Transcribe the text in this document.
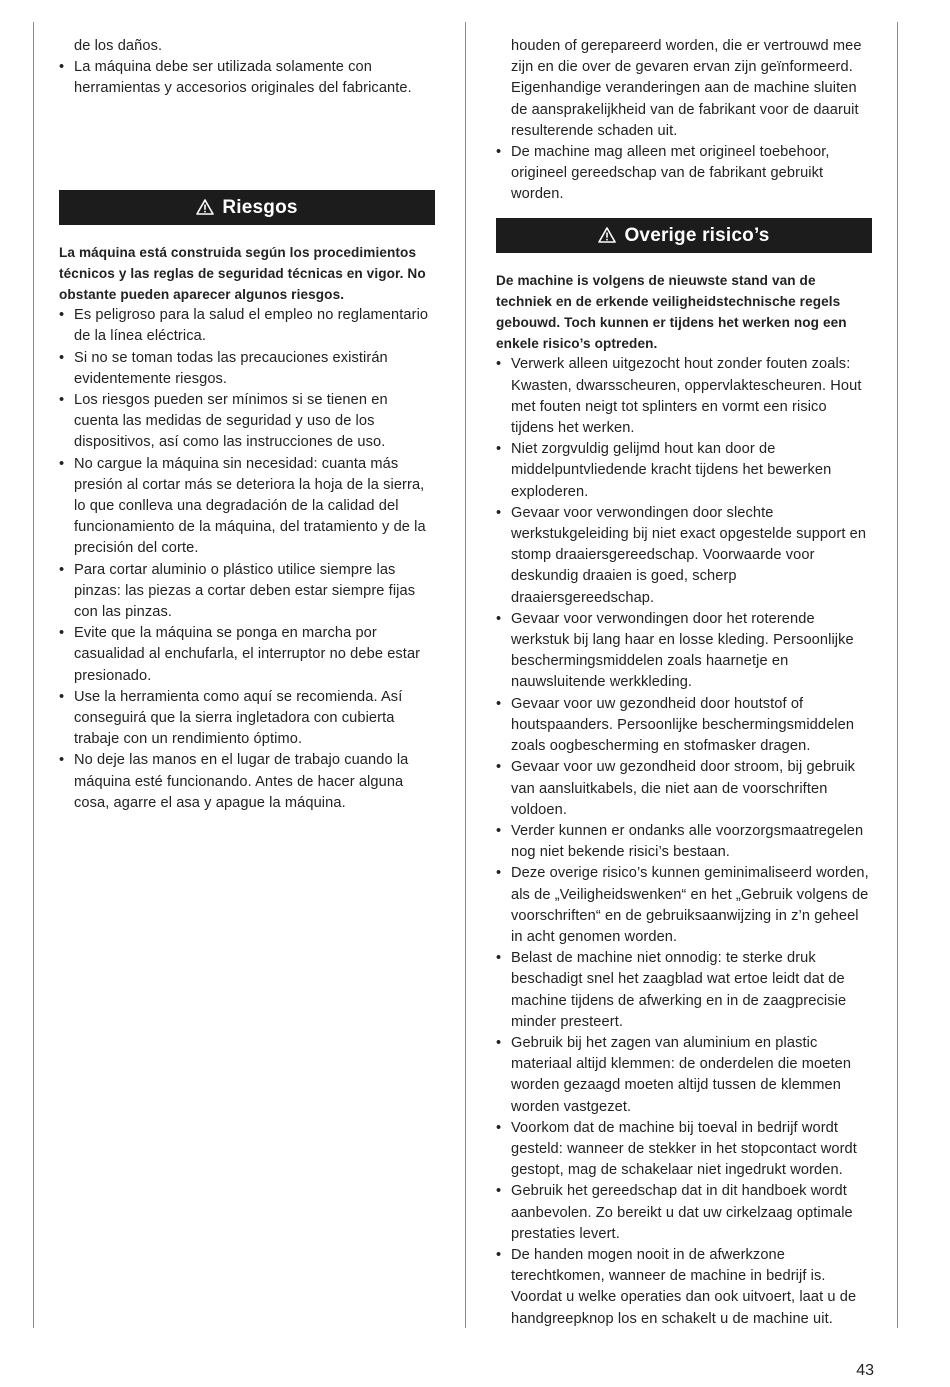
de los daños.

• La máquina debe ser utilizada solamente con herramientas y accesorios originales del fabricante.
Riesgos

La máquina está construida según los procedimientos técnicos y las reglas de seguridad técnicas en vigor. No obstante pueden aparecer algunos riesgos.

• Es peligroso para la salud el empleo no reglamentario de la línea eléctrica.
• Si no se toman todas las precauciones existirán evidentemente riesgos.
• Los riesgos pueden ser mínimos si se tienen en cuenta las medidas de seguridad y uso de los dispositivos, así como las instrucciones de uso.
• No cargue la máquina sin necesidad: cuanta más presión al cortar más se deteriora la hoja de la sierra, lo que conlleva una degradación de la calidad del funcionamiento de la máquina, del tratamiento y de la precisión del corte.
• Para cortar aluminio o plástico utilice siempre las pinzas: las piezas a cortar deben estar siempre fijas con las pinzas.
• Evite que la máquina se ponga en marcha por casualidad al enchufarla, el interruptor no debe estar presionado.
• Use la herramienta como aquí se recomienda. Así conseguirá que la sierra ingletadora con cubierta trabaje con un rendimiento óptimo.
• No deje las manos en el lugar de trabajo cuando la máquina esté funcionando. Antes de hacer alguna cosa, agarre el asa y apague la máquina.

houden of gerepareerd worden, die er vertrouwd mee zijn en die over de gevaren ervan zijn geïnformeerd. Eigenhandige veranderingen aan de machine sluiten de aansprakelijkheid van de fabrikant voor de daaruit resulterende schaden uit.

• De machine mag alleen met origineel toebehoor, origineel gereedschap van de fabrikant gebruikt worden.
Overige risico’s

De machine is volgens de nieuwste stand van de techniek en de erkende veiligheidstechnische regels gebouwd. Toch kunnen er tijdens het werken nog een enkele risico’s optreden.

• Verwerk alleen uitgezocht hout zonder fouten zoals: Kwasten, dwarsscheuren, oppervlaktescheuren. Hout met fouten neigt tot splinters en vormt een risico tijdens het werken.
• Niet zorgvuldig gelijmd hout kan door de middelpuntvliedende kracht tijdens het bewerken exploderen.
• Gevaar voor verwondingen door slechte werkstukgeleiding bij niet exact opgestelde support en stomp draaiersgereedschap. Voorwaarde voor deskundig draaien is goed, scherp draaiersgereedschap.
• Gevaar voor verwondingen door het roterende werkstuk bij lang haar en losse kleding. Persoonlijke beschermingsmiddelen zoals haarnetje en nauwsluitende werkkleding.
• Gevaar voor uw gezondheid door houtstof of houtspaanders. Persoonlijke beschermingsmiddelen zoals oogbescherming en stofmasker dragen.
• Gevaar voor uw gezondheid door stroom, bij gebruik van aansluitkabels, die niet aan de voorschriften voldoen.
• Verder kunnen er ondanks alle voorzorgsmaatregelen nog niet bekende risici’s bestaan.
• Deze overige risico’s kunnen geminimaliseerd worden, als de „Veiligheidswenken“ en het „Gebruik volgens de voorschriften“ en de gebruiksaanwijzing in z’n geheel in acht genomen worden.
• Belast de machine niet onnodig: te sterke druk beschadigt snel het zaagblad wat ertoe leidt dat de machine tijdens de afwerking en in de zaagprecisie minder presteert.
• Gebruik bij het zagen van aluminium en plastic materiaal altijd klemmen: de onderdelen die moeten worden gezaagd moeten altijd tussen de klemmen worden vastgezet.
• Voorkom dat de machine bij toeval in bedrijf wordt gesteld: wanneer de stekker in het stopcontact wordt gestopt, mag de schakelaar niet ingedrukt worden.
• Gebruik het gereedschap dat in dit handboek wordt aanbevolen. Zo bereikt u dat uw cirkelzaag optimale prestaties levert.
• De handen mogen nooit in de afwerkzone terechtkomen, wanneer de machine in bedrijf is. Voordat u welke operaties dan ook uitvoert, laat u de handgreepknop los en schakelt u de machine uit.
43
